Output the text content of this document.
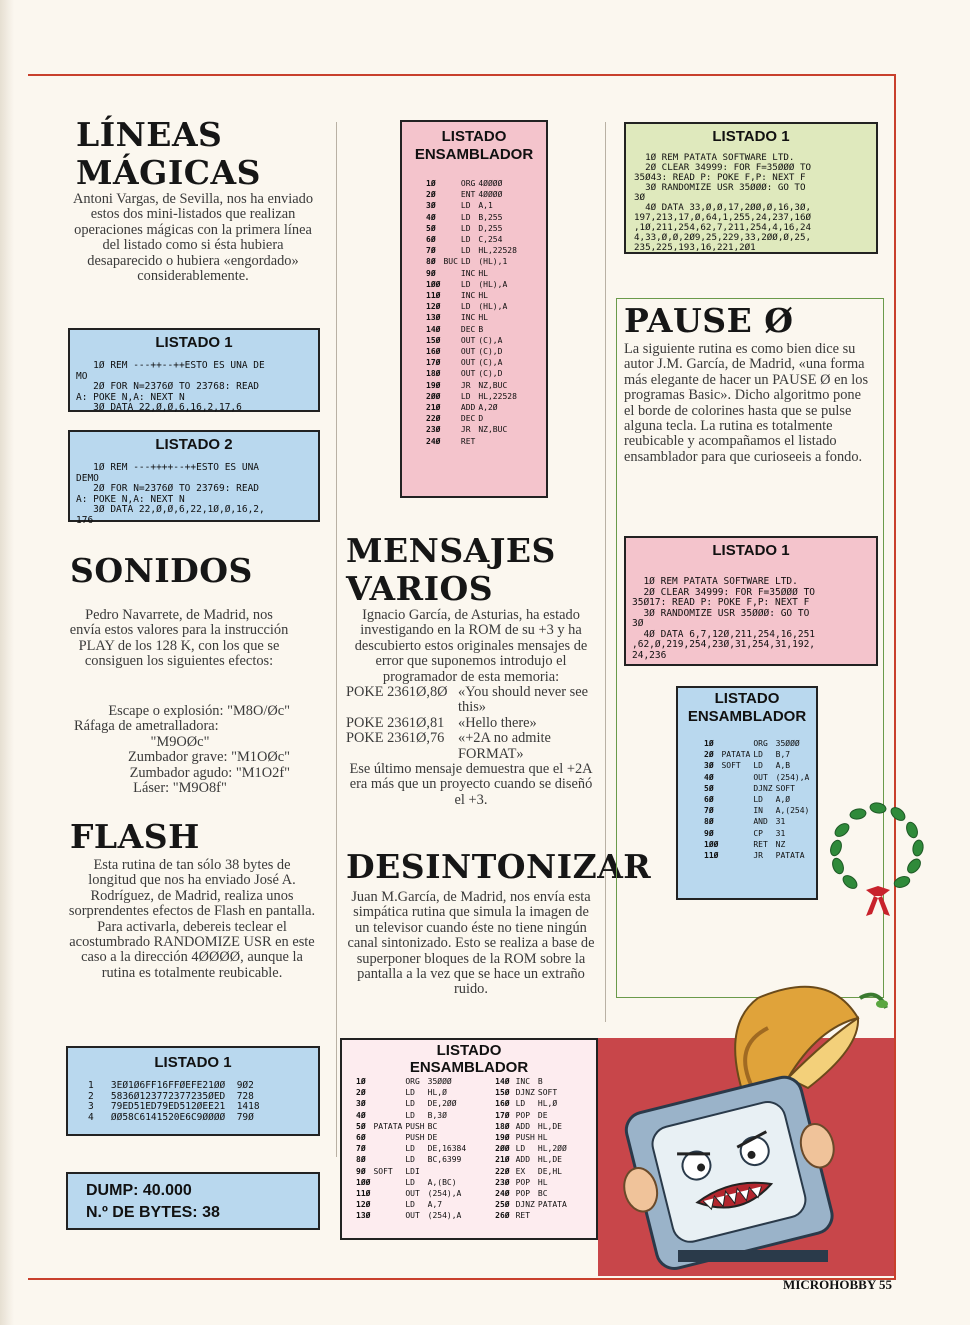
LÍNEAS
MÁGICAS

Antoni Vargas, de Sevilla, nos ha enviado estos dos mini-listados que realizan operaciones mágicas con la primera línea del listado como si ésta hubiera desaparecido o hubiera «engordado» considerablemente.

LISTADO 1
1Ø REM ---++--++ESTO ES UNA DE
MO
2Ø FOR N=2376Ø TO 23768: READ
A: POKE N,A: NEXT N
3Ø DATA 22,Ø,Ø,6,16,2,17,6
LISTADO 2
1Ø REM ---++++--++ESTO ES UNA
DEMO
2Ø FOR N=2376Ø TO 23769: READ
A: POKE N,A: NEXT N
3Ø DATA 22,Ø,Ø,6,22,1Ø,Ø,16,2,
176
SONIDOS

Pedro Navarrete, de Madrid, nos envía estos valores para la instrucción PLAY de los 128 K, con los que se consiguen los siguientes efectos:

Escape o explosión: "M8O/Øc"

Ráfaga de ametralladora:

"M9OØc"

Zumbador grave: "M1OØc"

Zumbador agudo: "M1O2f"

Láser: "M9O8f"

FLASH

Esta rutina de tan sólo 38 bytes de longitud que nos ha enviado José A. Rodríguez, de Madrid, realiza unos sorprendentes efectos de Flash en pantalla. Para activarla, debereis teclear el acostumbrado RANDOMIZE USR en este caso a la dirección 4ØØØØ, aunque la rutina es totalmente reubicable.

LISTADO 1
1   3EØ1Ø6FF16FFØEFE21ØØ  9Ø2
2   5836Ø123772377235ØED  728
3   79ED51ED79ED512ØEE21  1418
4   ØØ58C6141520E6C9ØØØØ  79Ø
DUMP: 40.000
N.º DE BYTES: 38
LISTADO
ENSAMBLADOR
1Ø		ORG	4ØØØØ
2Ø		ENT	4ØØØØ
3Ø		LD	A,1
4Ø		LD	B,255
5Ø		LD	D,255
6Ø		LD	C,254
7Ø		LD	HL,22528
8Ø	BUC	LD	(HL),1
9Ø		INC	HL
1ØØ		LD	(HL),A
11Ø		INC	HL
12Ø		LD	(HL),A
13Ø		INC	HL
14Ø		DEC	B
15Ø		OUT	(C),A
16Ø		OUT	(C),D
17Ø		OUT	(C),A
18Ø		OUT	(C),D
19Ø		JR	NZ,BUC
2ØØ		LD	HL,22528
21Ø		ADD	A,2Ø
22Ø		DEC	D
23Ø		JR	NZ,BUC
24Ø		RET	
MENSAJES
VARIOS

Ignacio García, de Asturias, ha estado investigando en la ROM de su +3 y ha descubierto estos originales mensajes de error que suponemos introdujo el programador de esta memoria:

POKE 2361Ø,8Ø «You should never see this»
POKE 2361Ø,81 «Hello there»
POKE 2361Ø,76 «+2A no admite FORMAT»

Ese último mensaje demuestra que el +2A era más que un proyecto cuando se diseñó el +3.

DESINTONIZAR

Juan M.García, de Madrid, nos envía esta simpática rutina que simula la imagen de un televisor cuando éste no tiene ningún canal sintonizado. Esto se realiza a base de superponer bloques de la ROM sobre la pantalla a la vez que se hace un extraño ruido.

LISTADO
ENSAMBLADOR
1Ø		ORG	35ØØØ
2Ø		LD	HL,Ø
3Ø		LD	DE,2ØØ
4Ø		LD	B,3Ø
5Ø	PATATA	PUSH	BC
6Ø		PUSH	DE
7Ø		LD	DE,16384
8Ø		LD	BC,6399
9Ø	SOFT	LDI	
1ØØ		LD	A,(BC)
11Ø		OUT	(254),A
12Ø		LD	A,7
13Ø		OUT	(254),A
14Ø		INC	B
15Ø		DJNZ	SOFT
16Ø		LD	HL,Ø
17Ø		POP	DE
18Ø		ADD	HL,DE
19Ø		PUSH	HL
2ØØ		LD	HL,2ØØ
21Ø		ADD	HL,DE
22Ø		EX	DE,HL
23Ø		POP	HL
24Ø		POP	BC
25Ø		DJNZ	PATATA
26Ø		RET	
LISTADO 1
1Ø REM PATATA SOFTWARE LTD.
2Ø CLEAR 34999: FOR F=35ØØØ TO
35Ø43: READ P: POKE F,P: NEXT F
3Ø RANDOMIZE USR 35ØØØ: GO TO
3Ø
4Ø DATA 33,Ø,Ø,17,2ØØ,Ø,16,3Ø,
197,213,17,Ø,64,1,255,24,237,16Ø
,1Ø,211,254,62,7,211,254,4,16,24
4,33,Ø,Ø,2Ø9,25,229,33,2ØØ,Ø,25,
235,225,193,16,221,2Ø1
PAUSE Ø

La siguiente rutina es como bien dice su autor J.M. García, de Madrid, «una forma más elegante de hacer un PAUSE Ø en los programas Basic». Dicho algoritmo pone el borde de colorines hasta que se pulse alguna tecla. La rutina es totalmente reubicable y acompañamos el listado ensamblador para que curioseeis a fondo.

LISTADO 1
1Ø REM PATATA SOFTWARE LTD.
2Ø CLEAR 34999: FOR F=35ØØØ TO
35Ø17: READ P: POKE F,P: NEXT F
3Ø RANDOMIZE USR 35ØØØ: GO TO
3Ø
4Ø DATA 6,7,12Ø,211,254,16,251
,62,Ø,219,254,23Ø,31,254,31,192,
24,236
LISTADO
ENSAMBLADOR
1Ø		ORG	35ØØØ
2Ø	PATATA	LD	B,7
3Ø	SOFT	LD	A,B
4Ø		OUT	(254),A
5Ø		DJNZ	SOFT
6Ø		LD	A,Ø
7Ø		IN	A,(254)
8Ø		AND	31
9Ø		CP	31
1ØØ		RET	NZ
11Ø		JR	PATATA
MICROHOBBY 55
